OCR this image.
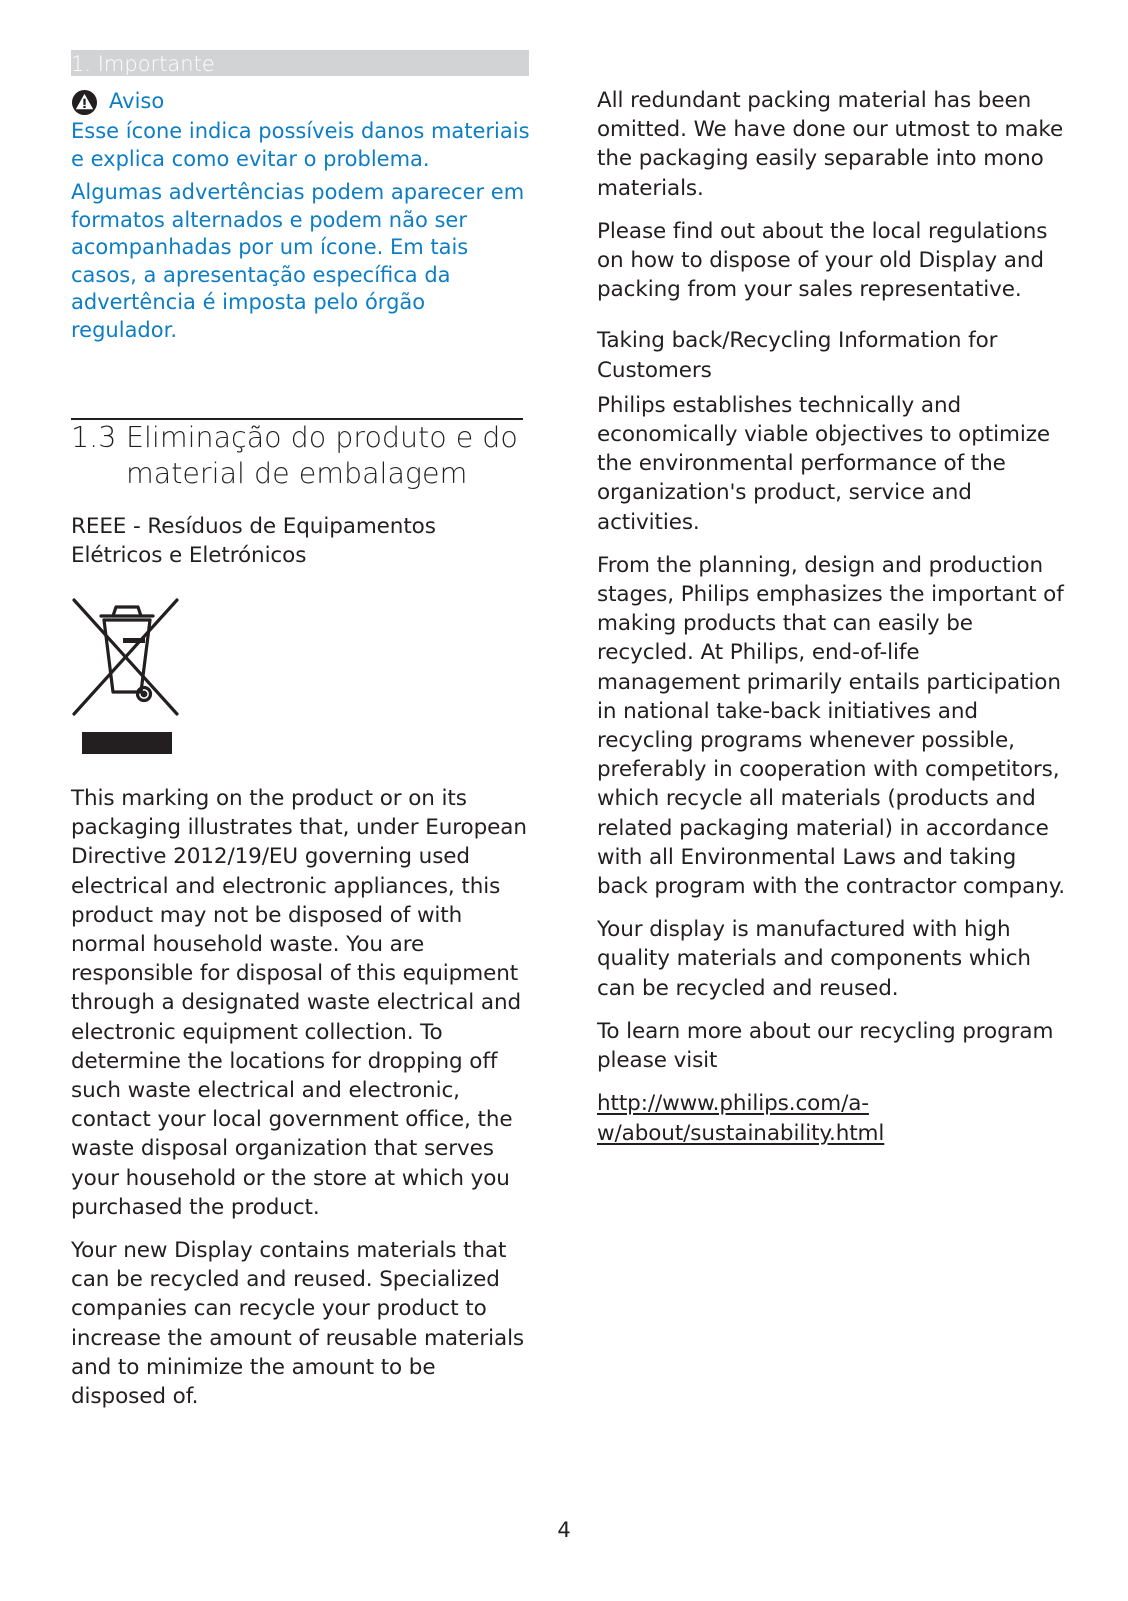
1. Importante
Aviso

Esse ícone indica possíveis danos materiais e explica como evitar o problema.

Algumas advertências podem aparecer em formatos alternados e podem não ser acompanhadas por um ícone. Em tais casos, a apresentação específica da advertência é imposta pelo órgão regulador.

1.3 Eliminação do produto e do material de embalagem

REEE - Resíduos de Equipamentos Elétricos e Eletrónicos

This marking on the product or on its packaging illustrates that, under European Directive 2012/19/EU governing used electrical and electronic appliances, this product may not be disposed of with normal household waste. You are responsible for disposal of this equipment through a designated waste electrical and electronic equipment collection. To determine the locations for dropping off such waste electrical and electronic, contact your local government office, the waste disposal organization that serves your household or the store at which you purchased the product.

Your new Display contains materials that can be recycled and reused. Specialized companies can recycle your product to increase the amount of reusable materials and to minimize the amount to be disposed of.

All redundant packing material has been omitted. We have done our utmost to make the packaging easily separable into mono materials.

Please find out about the local regulations on how to dispose of your old Display and packing from your sales representative.

Taking back/Recycling Information for Customers

Philips establishes technically and economically viable objectives to optimize the environmental performance of the organization's product, service and activities.

From the planning, design and production stages, Philips emphasizes the important of making products that can easily be recycled. At Philips, end-of-life management primarily entails participation in national take-back initiatives and recycling programs whenever possible, preferably in cooperation with competitors, which recycle all materials (products and related packaging material) in accordance with all Environmental Laws and taking back program with the contractor company.

Your display is manufactured with high quality materials and components which can be recycled and reused.

To learn more about our recycling program please visit

http://www.philips.com/a-w/about/sustainability.html

4
